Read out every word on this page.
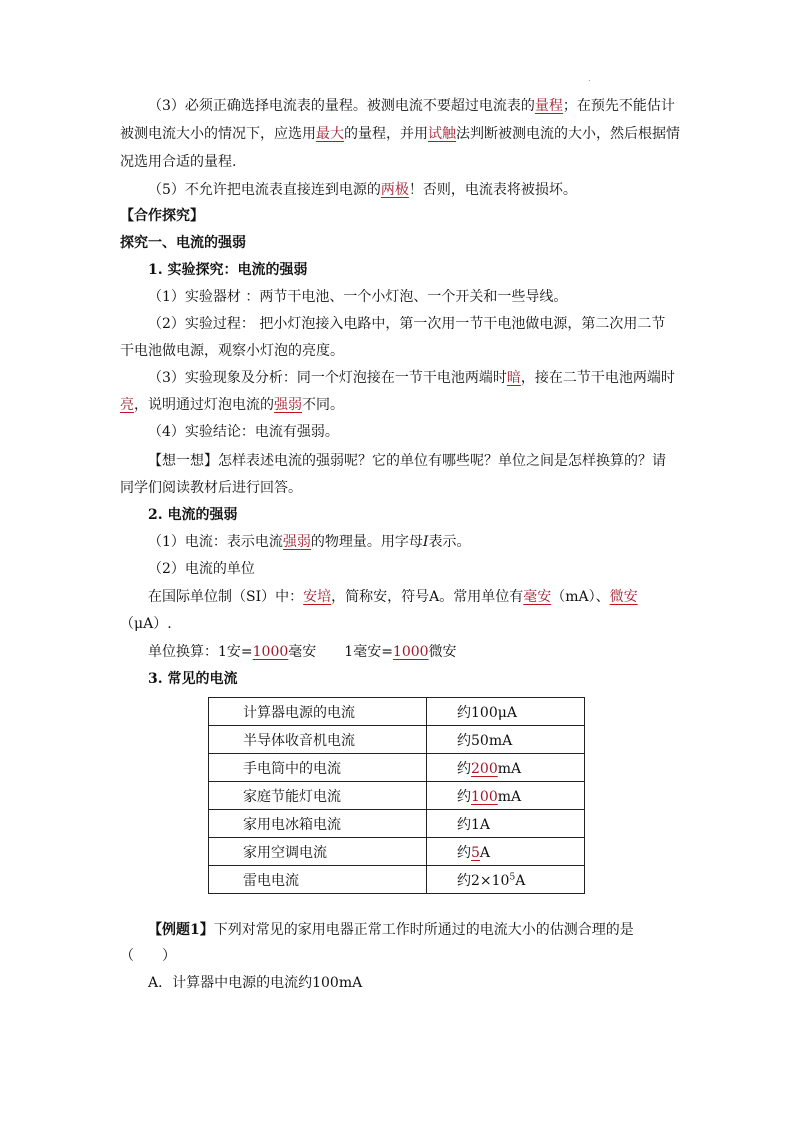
.
（3）必须正确选择电流表的量程。被测电流不要超过电流表的量程；在预先不能估计
被测电流大小的情况下，应选用最大的量程，并用试触法判断被测电流的大小，然后根据情
况选用合适的量程.
（5）不允许把电流表直接连到电源的两极！否则，电流表将被损坏。
【合作探究】
探究一、电流的强弱
1. 实验探究：电流的强弱
（1）实验器材 ：两节干电池、一个小灯泡、一个开关和一些导线。
（2）实验过程： 把小灯泡接入电路中，第一次用一节干电池做电源，第二次用二节
干电池做电源，观察小灯泡的亮度。
（3）实验现象及分析：同一个灯泡接在一节干电池两端时暗，接在二节干电池两端时
亮，说明通过灯泡电流的强弱不同。
（4）实验结论：电流有强弱。
【想一想】怎样表述电流的强弱呢？它的单位有哪些呢？单位之间是怎样换算的？请
同学们阅读教材后进行回答。
2. 电流的强弱
（1）电流：表示电流强弱的物理量。用字母I表示。
（2）电流的单位
在国际单位制（SI）中：安培，简称安，符号A。常用单位有毫安（mA）、微安
（μA）.
单位换算：1安=1000毫安 1毫安=1000微安
3. 常见的电流
计算器电源的电流	约100μA
半导体收音机电流	约50mA
手电筒中的电流	约200mA
家庭节能灯电流	约100mA
家用电冰箱电流	约1A
家用空调电流	约5A
雷电电流	约$2\times 10^5A$
【例题1】下列对常见的家用电器正常工作时所通过的电流大小的估测合理的是
（　　）
A．计算器中电源的电流约100mA
